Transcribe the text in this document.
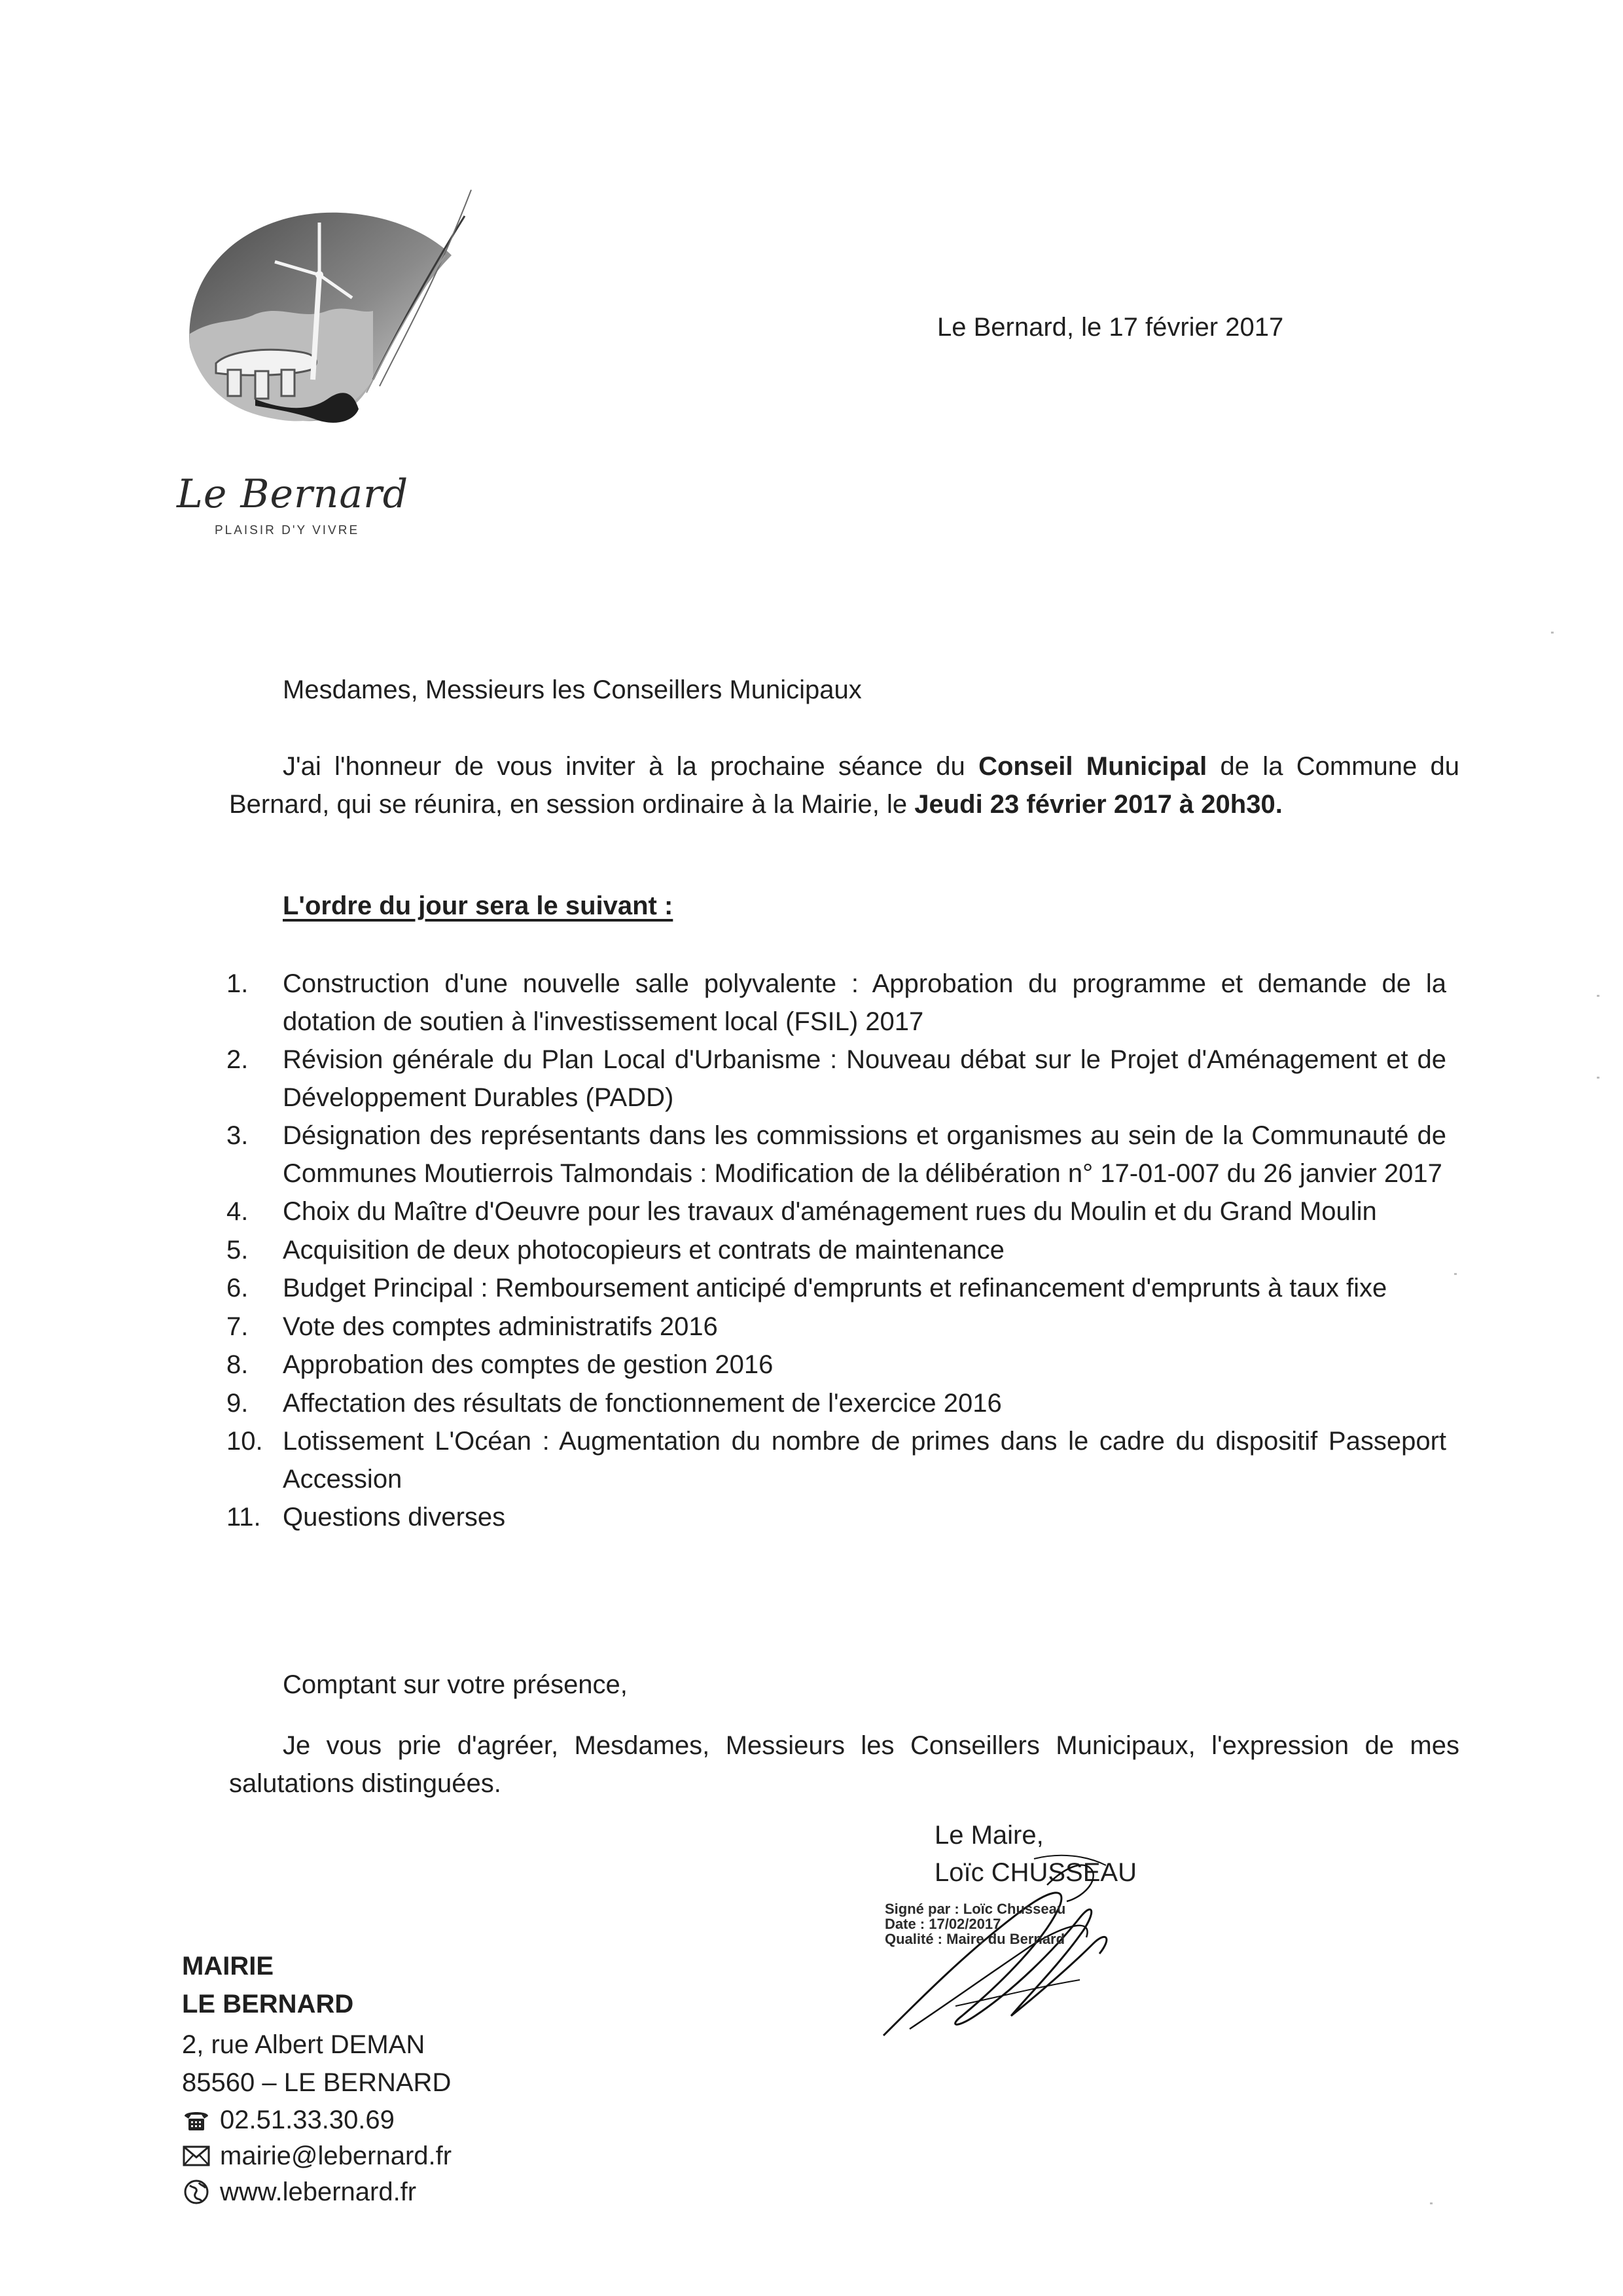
Le Bernard
PLAISIR D'Y VIVRE
Le Bernard, le 17 février 2017
Mesdames, Messieurs les Conseillers Municipaux
J'ai l'honneur de vous inviter à la prochaine séance du Conseil Municipal de la Commune du Bernard, qui se réunira, en session ordinaire à la Mairie, le Jeudi 23 février 2017 à 20h30.
L'ordre du jour sera le suivant :
1. Construction d'une nouvelle salle polyvalente : Approbation du programme et demande de la dotation de soutien à l'investissement local (FSIL) 2017
2. Révision générale du Plan Local d'Urbanisme : Nouveau débat sur le Projet d'Aménagement et de Développement Durables (PADD)
3. Désignation des représentants dans les commissions et organismes au sein de la Communauté de Communes Moutierrois Talmondais : Modification de la délibération n° 17-01-007 du 26 janvier 2017
4. Choix du Maître d'Oeuvre pour les travaux d'aménagement rues du Moulin et du Grand Moulin
5. Acquisition de deux photocopieurs et contrats de maintenance
6. Budget Principal : Remboursement anticipé d'emprunts et refinancement d'emprunts à taux fixe
7. Vote des comptes administratifs 2016
8. Approbation des comptes de gestion 2016
9. Affectation des résultats de fonctionnement de l'exercice 2016
10. Lotissement L'Océan : Augmentation du nombre de primes dans le cadre du dispositif Passeport Accession
11. Questions diverses
Comptant sur votre présence,
Je vous prie d'agréer, Mesdames, Messieurs les Conseillers Municipaux, l'expression de mes salutations distinguées.
Le Maire,
Loïc CHUSSEAU
Signé par : Loïc Chusseau
Date : 17/02/2017
Qualité : Maire du Bernard
MAIRIE
LE BERNARD
2, rue Albert DEMAN
85560 – LE BERNARD
02.51.33.30.69
mairie@lebernard.fr
www.lebernard.fr
